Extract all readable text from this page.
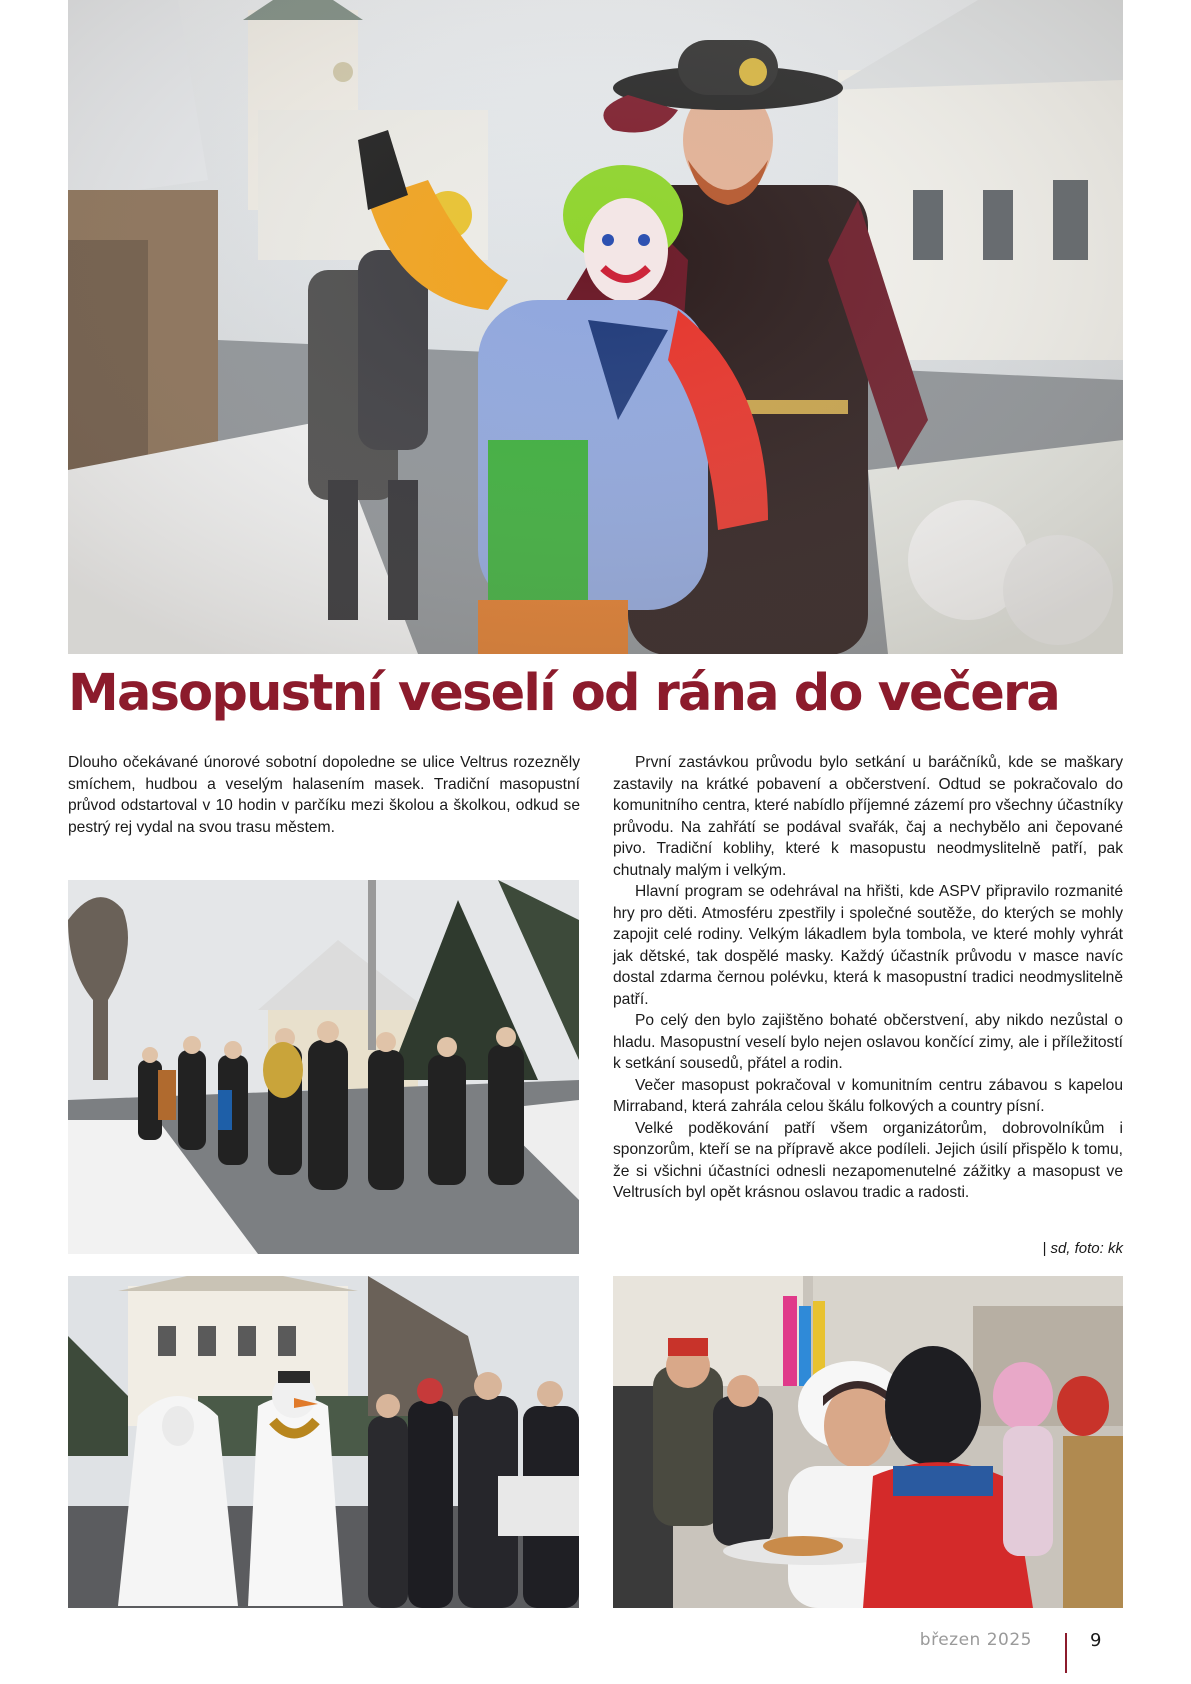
Masopustní veselí od rána do večera

Dlouho očekávané únorové sobotní dopoledne se ulice Veltrus rozezněly smíchem, hudbou a veselým halasením masek. Tradiční masopustní průvod odstartoval v 10 hodin v parčíku mezi školou a školkou, odkud se pestrý rej vydal na svou trasu městem.

První zastávkou průvodu bylo setkání u baráčníků, kde se maškary zastavily na krátké pobavení a občerstvení. Odtud se pokračovalo do komunitního centra, které nabídlo příjemné zázemí pro všechny účastníky průvodu. Na zahřátí se podával svařák, čaj a nechybělo ani čepované pivo. Tradiční koblihy, které k masopustu neodmyslitelně patří, pak chutnaly malým i velkým.

Hlavní program se odehrával na hřišti, kde ASPV připravilo rozmanité hry pro děti. Atmosféru zpestřily i společné soutěže, do kterých se mohly zapojit celé rodiny. Velkým lákadlem byla tombola, ve které mohly vyhrát jak dětské, tak dospělé masky. Každý účastník průvodu v masce navíc dostal zdarma černou polévku, která k masopustní tradici neodmyslitelně patří.

Po celý den bylo zajištěno bohaté občerstvení, aby nikdo nezůstal o hladu. Masopustní veselí bylo nejen oslavou končící zimy, ale i příležitostí k setkání sousedů, přátel a rodin.

Večer masopust pokračoval v komunitním centru zábavou s kapelou Mirraband, která zahrála celou škálu folkových a country písní.

Velké poděkování patří všem organizátorům, dobrovolníkům i sponzorům, kteří se na přípravě akce podíleli. Jejich úsilí přispělo k tomu, že si všichni účastníci odnesli nezapomenutelné zážitky a masopust ve Veltrusích byl opět krásnou oslavou tradic a radosti.

| sd, foto: kk
březen 2025	9
